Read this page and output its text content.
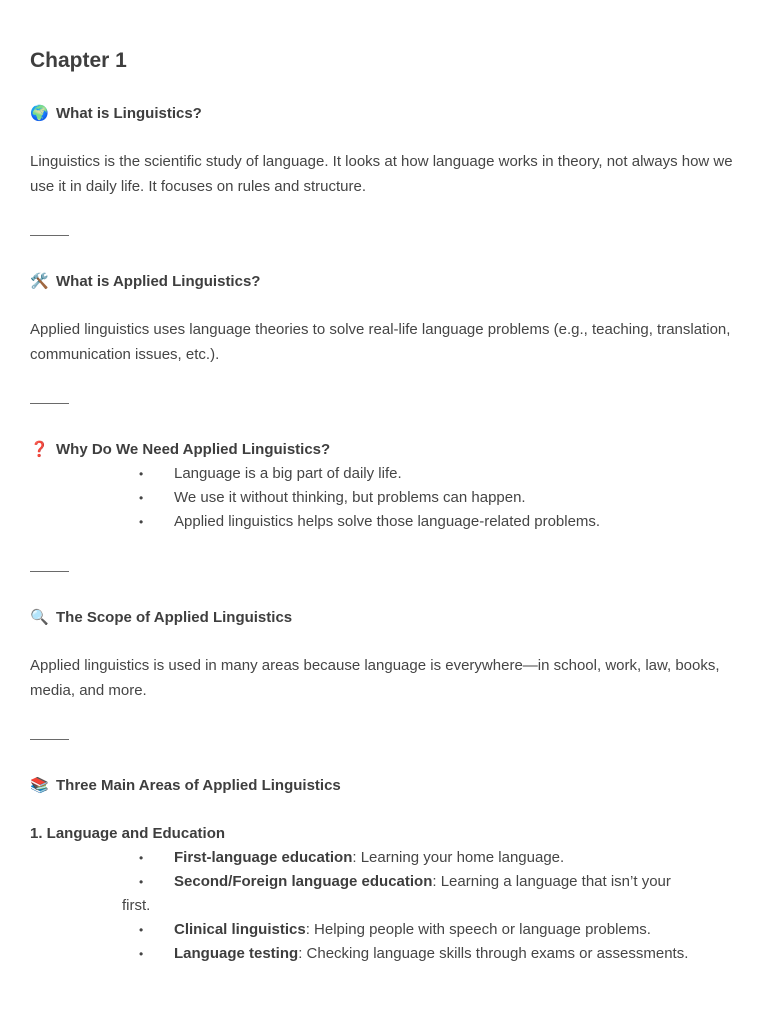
Chapter 1
🌍 What is Linguistics?

Linguistics is the scientific study of language. It looks at how language works in theory, not always how we use it in daily life. It focuses on rules and structure.

🛠️ What is Applied Linguistics?

Applied linguistics uses language theories to solve real-life language problems (e.g., teaching, translation, communication issues, etc.).

❓ Why Do We Need Applied Linguistics?
• Language is a big part of daily life.
• We use it without thinking, but problems can happen.
• Applied linguistics helps solve those language-related problems.
🔍 The Scope of Applied Linguistics

Applied linguistics is used in many areas because language is everywhere—in school, work, law, books, media, and more.

📚 Three Main Areas of Applied Linguistics
1. Language and Education
• First-language education: Learning your home language.
• Second/Foreign language education: Learning a language that isn’t your
first.
• Clinical linguistics: Helping people with speech or language problems.
• Language testing: Checking language skills through exams or assessments.
